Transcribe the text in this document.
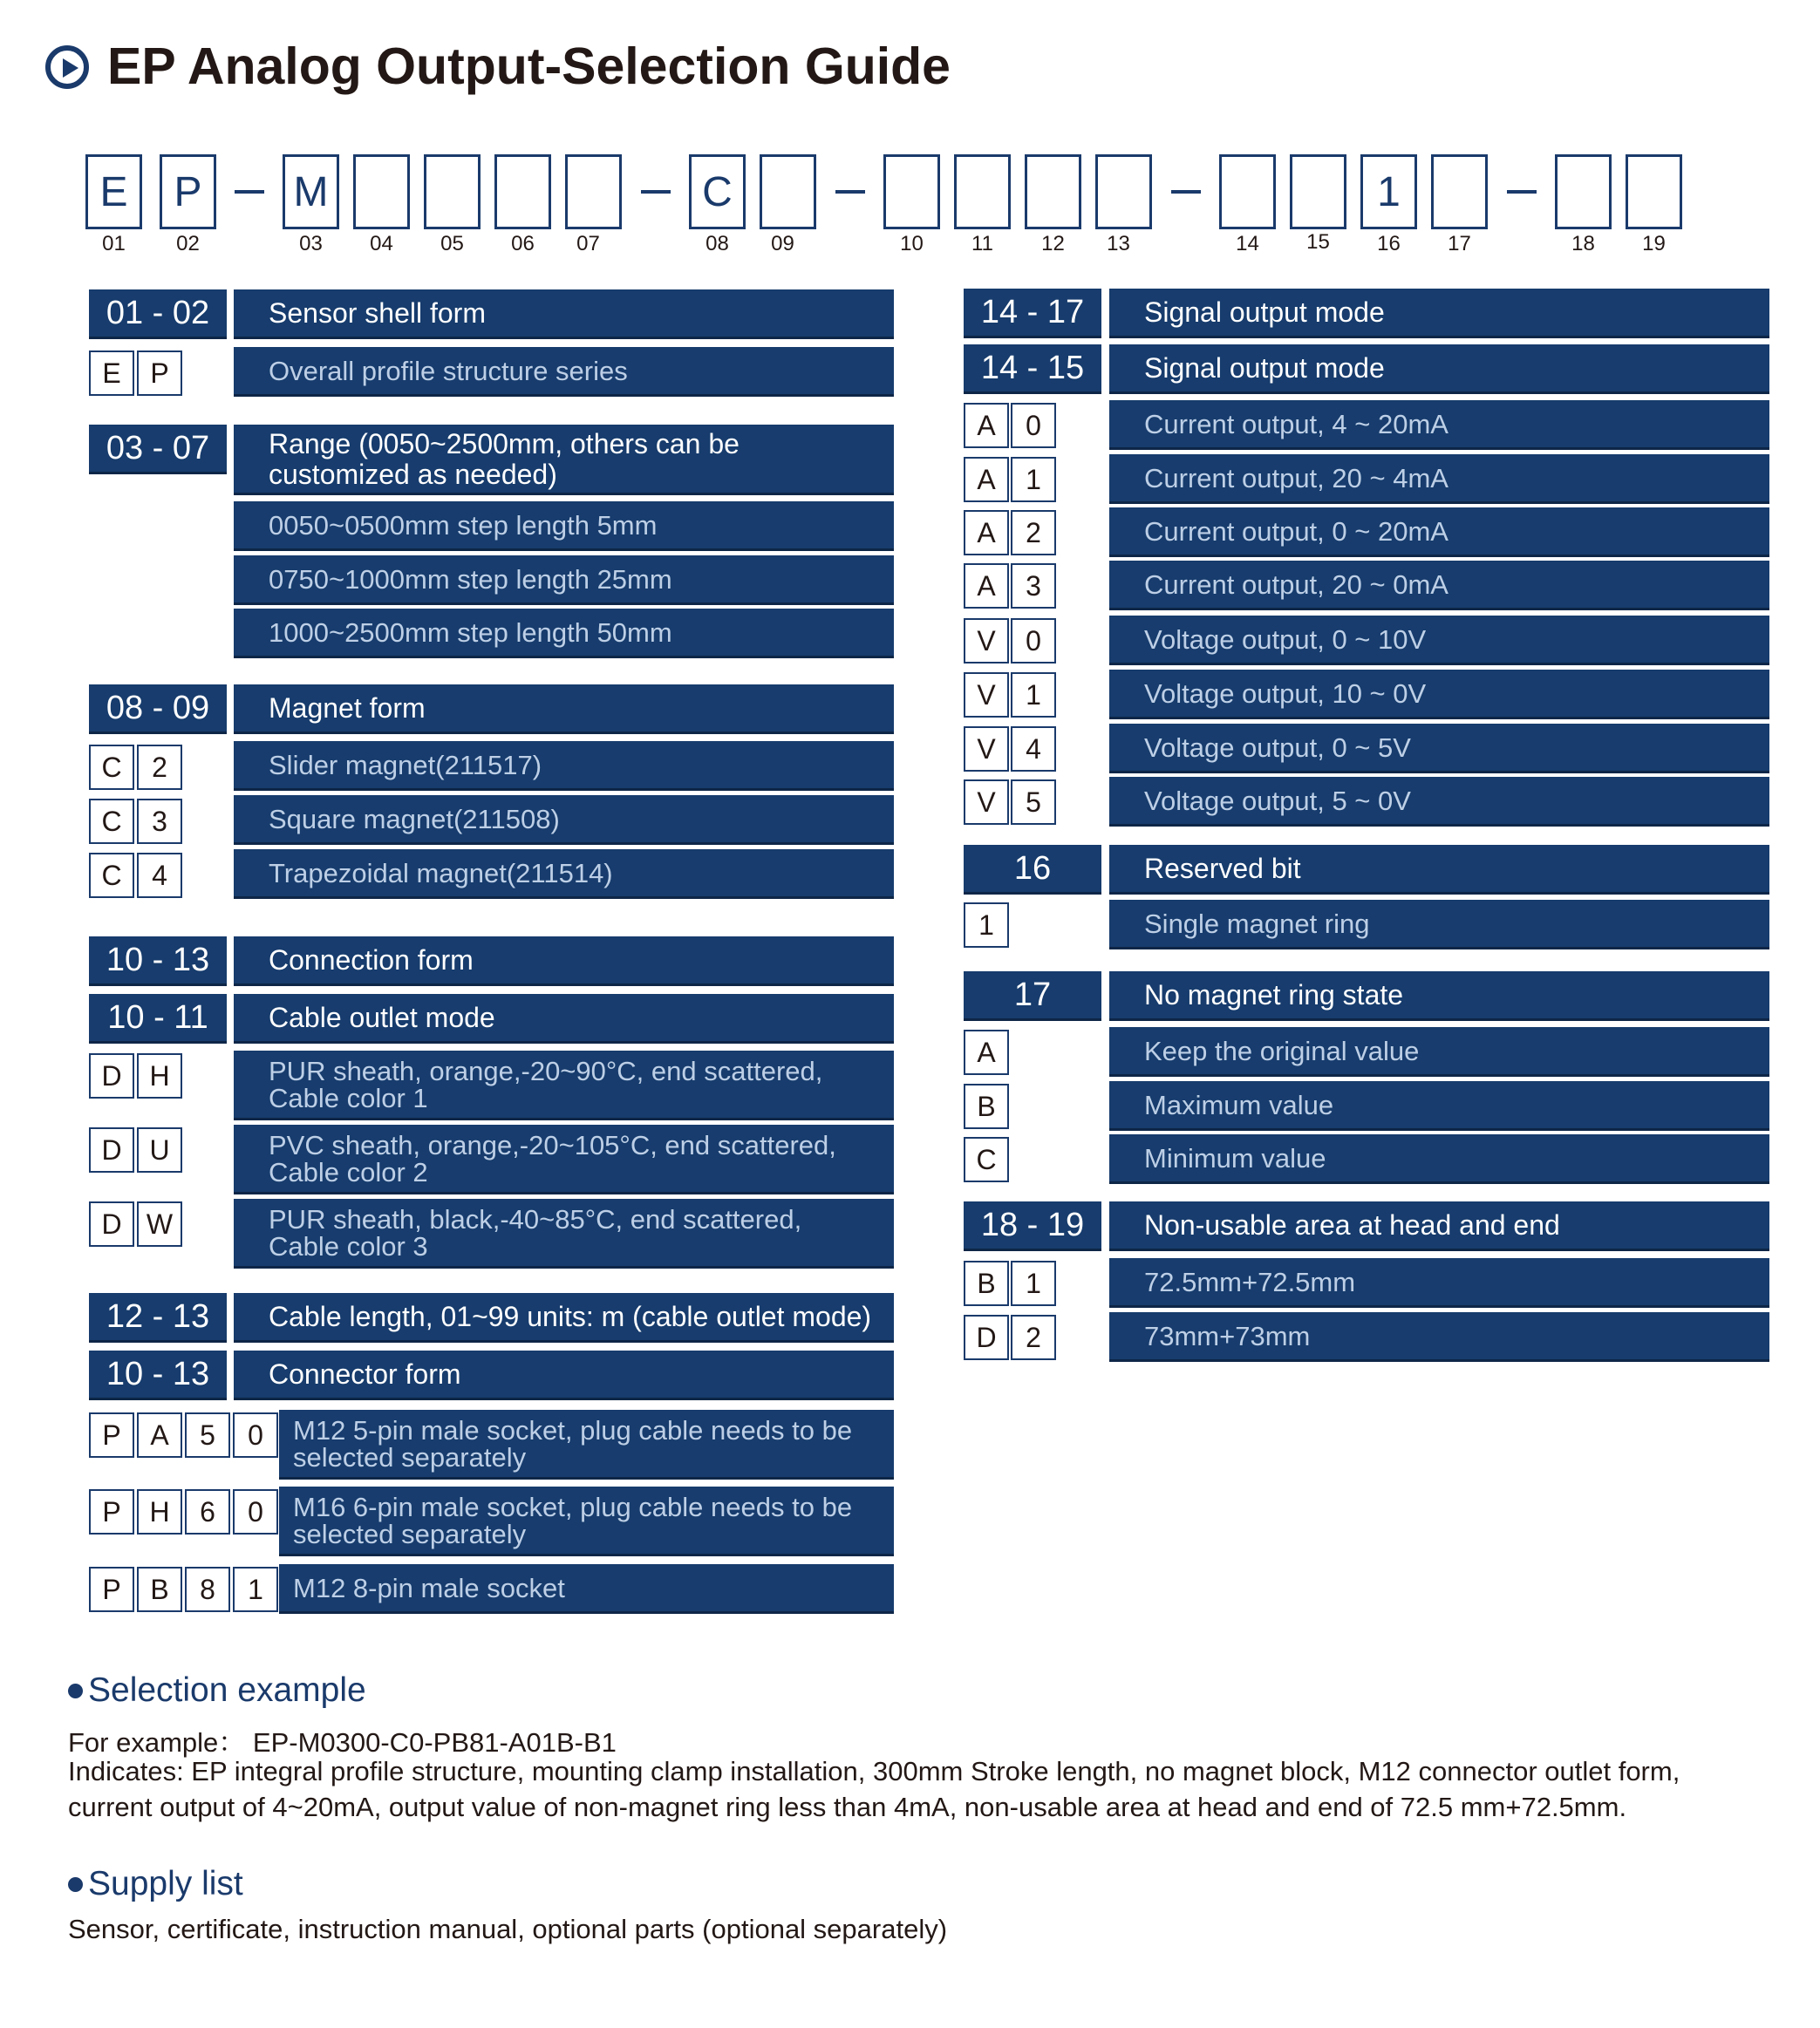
EP Analog Output-Selection Guide
E	P	M	C	1
01	02	03	04	05	06	07	08	09	10	11	12	13	14	15	16	17	18	19
01 - 02	Sensor shell form
E	P	Overall profile structure series
03 - 07	Range (0050~2500mm, others can be
customized as needed)
0050~0500mm step length 5mm
0750~1000mm step length 25mm
1000~2500mm step length 50mm
08 - 09	Magnet form
C	2	Slider magnet(211517)
C	3	Square magnet(211508)
C	4	Trapezoidal magnet(211514)
10 - 13	Connection form
10 - 11	Cable outlet mode
D H	PUR sheath, orange,-20~90°C, end scattered,
Cable color 1
D U	PVC sheath, orange,-20~105°C, end scattered,
Cable color 2
D W	PUR sheath, black,-40~85°C, end scattered,
Cable color 3
12 - 13	Cable length, 01~99 units: m (cable outlet mode)
10 - 13	Connector form
P	A	5	0	M12 5-pin male socket, plug cable needs to be
selected separately
P	H	6	0	M16 6-pin male socket, plug cable needs to be
selected separately
P	B	8	1	M12 8-pin male socket
14 - 17	Signal output mode
14 - 15	Signal output mode
A	0	Current output, 4 ~ 20mA
A	1	Current output, 20 ~ 4mA
A	2	Current output, 0 ~ 20mA
A	3	Current output, 20 ~ 0mA
V	0	Voltage output, 0 ~ 10V
V	1	Voltage output, 10 ~ 0V
V	4	Voltage output, 0 ~ 5V
V	5	Voltage output, 5 ~ 0V
16	Reserved bit
1	Single magnet ring
17	No magnet ring state
A	Keep the original value
B	Maximum value
C	Minimum value
18 - 19	Non-usable area at head and end
B	1	72.5mm+72.5mm
D	2	73mm+73mm
Selection example
For example： EP-M0300-C0-PB81-A01B-B1
Indicates: EP integral profile structure, mounting clamp installation, 300mm Stroke length, no magnet block, M12 connector outlet form,
current output of 4~20mA, output value of non-magnet ring less than 4mA, non-usable area at head and end of 72.5 mm+72.5mm.
Supply list
Sensor, certificate, instruction manual, optional parts (optional separately)
